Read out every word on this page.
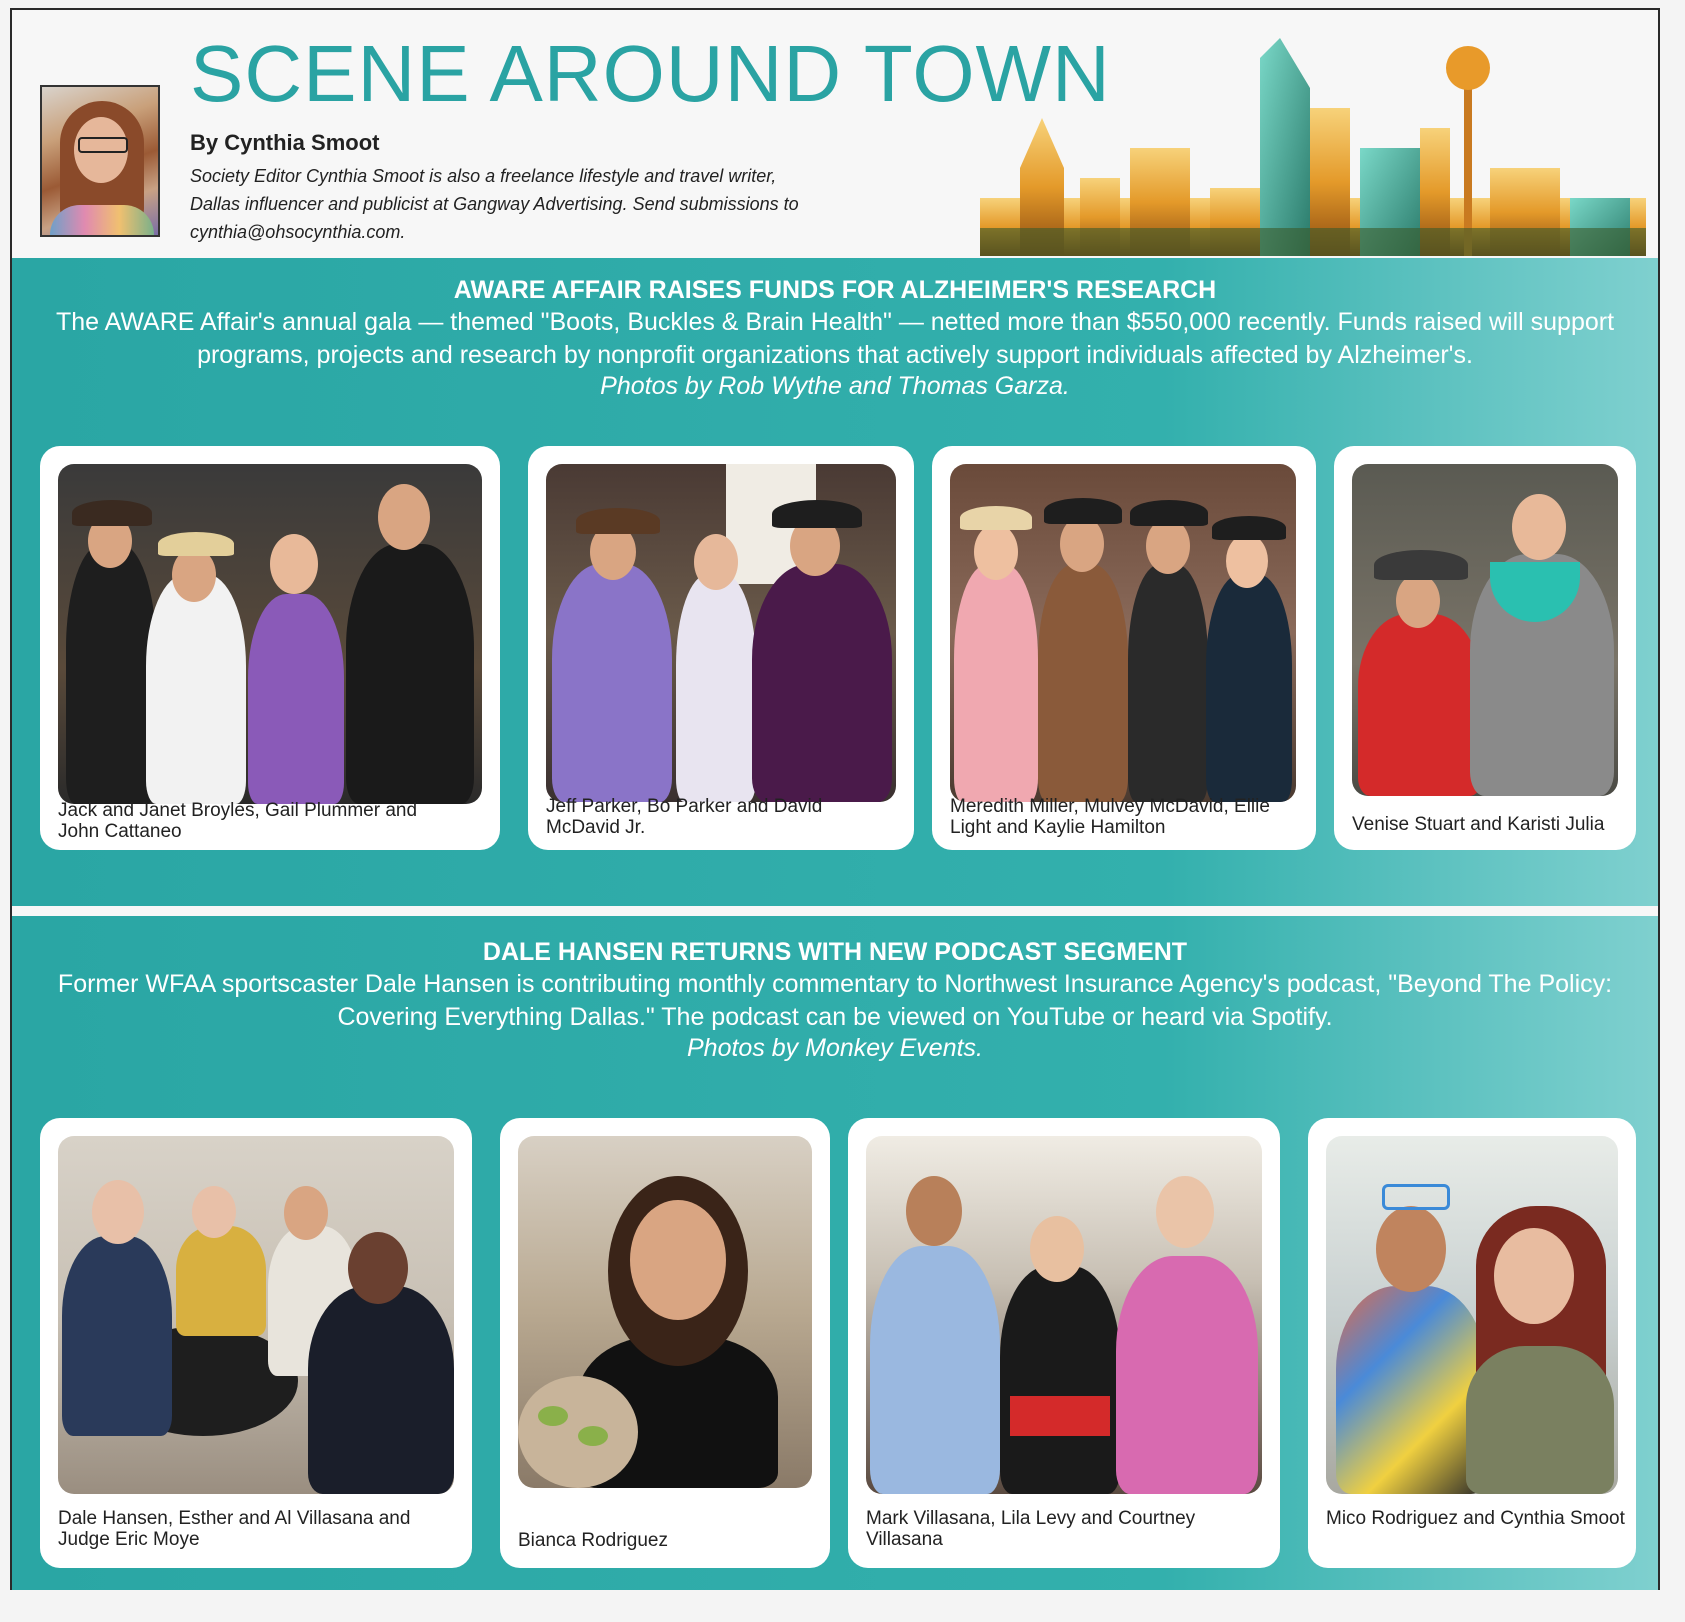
SCENE AROUND TOWN
By Cynthia Smoot
Society Editor Cynthia Smoot is also a freelance lifestyle and travel writer, Dallas influencer and publicist at Gangway Advertising. Send submissions to cynthia@ohsocynthia.com.
AWARE AFFAIR RAISES FUNDS FOR ALZHEIMER'S RESEARCH
The AWARE Affair's annual gala — themed "Boots, Buckles & Brain Health" — netted more than $550,000 recently. Funds raised will support programs, projects and research by nonprofit organizations that actively support individuals affected by Alzheimer's.
Photos by Rob Wythe and Thomas Garza.
Jack and Janet Broyles, Gail Plummer and John Cattaneo
Jeff Parker, Bo Parker and David McDavid Jr.
Meredith Miller, Mulvey McDavid, Ellie Light and Kaylie Hamilton	Venise Stuart and Karisti Julia
DALE HANSEN RETURNS WITH NEW PODCAST SEGMENT
Former WFAA sportscaster Dale Hansen is contributing monthly commentary to Northwest Insurance Agency's podcast, "Beyond The Policy: Covering Everything Dallas." The podcast can be viewed on YouTube or heard via Spotify.
Photos by Monkey Events.
Dale Hansen, Esther and Al Villasana and Judge Eric Moye	Bianca Rodriguez
Mark Villasana, Lila Levy and Courtney Villasana
Mico Rodriguez and Cynthia Smoot
